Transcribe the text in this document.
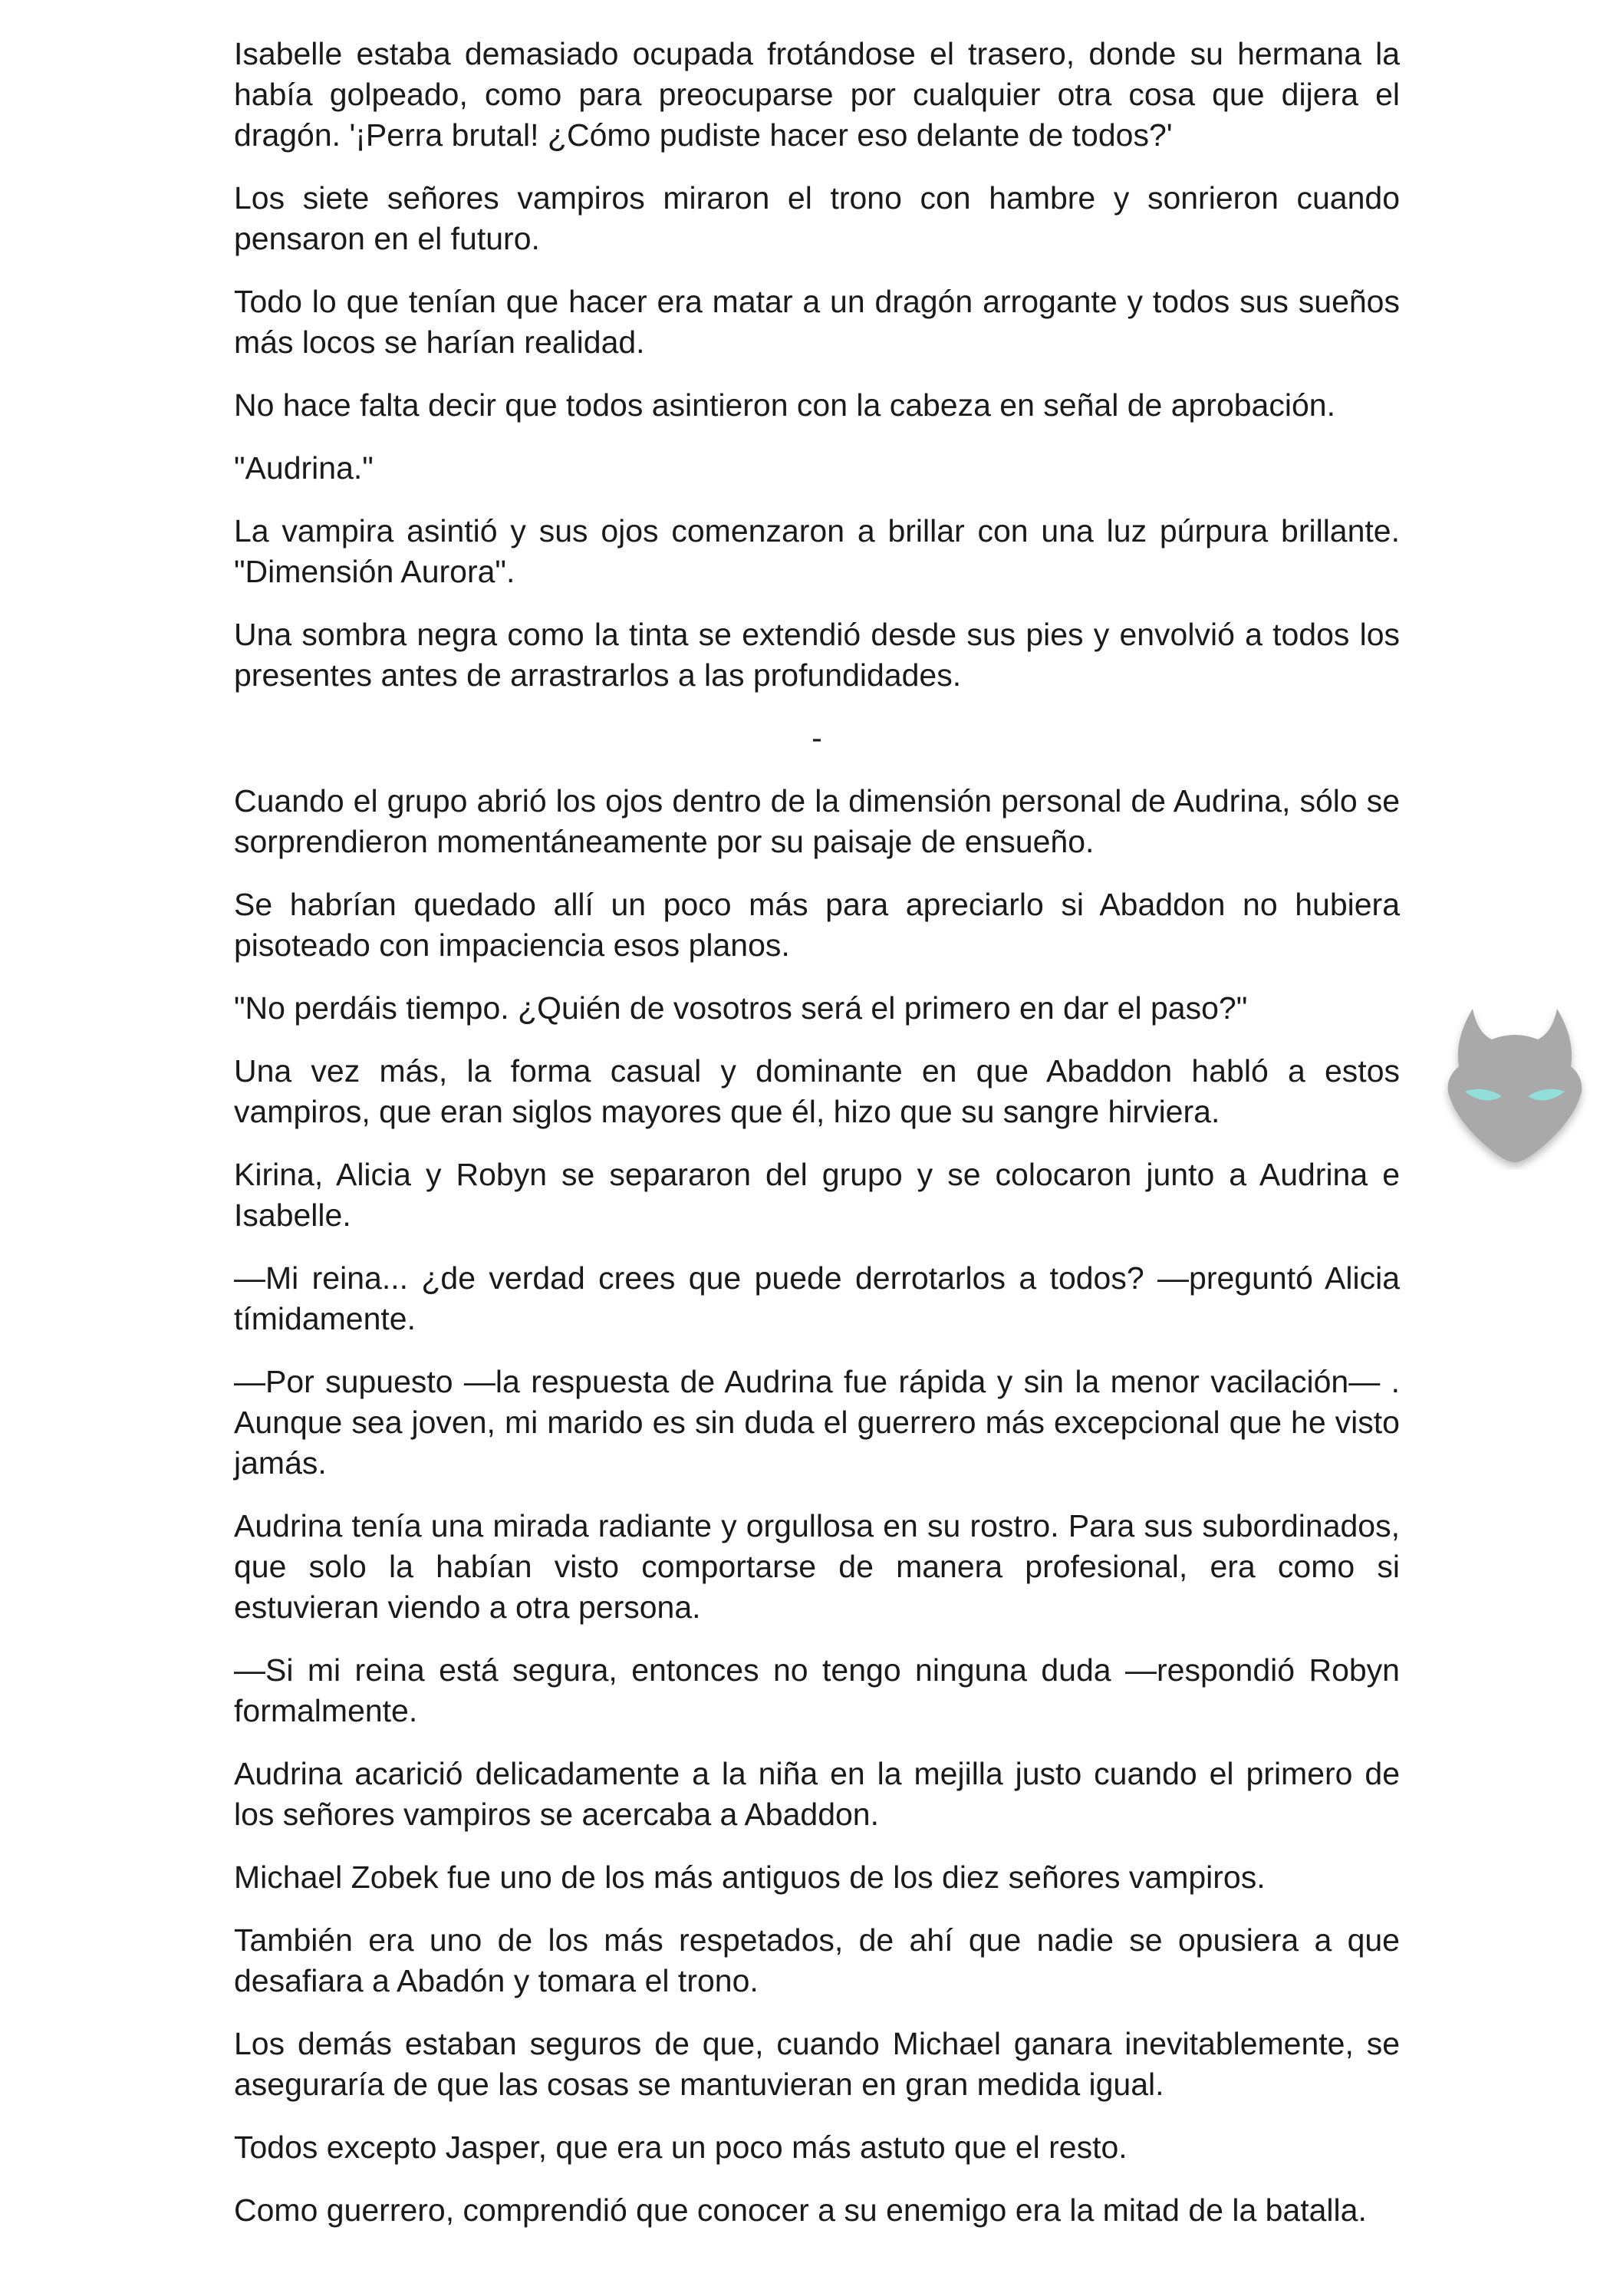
Isabelle estaba demasiado ocupada frotándose el trasero, donde su hermana la había golpeado, como para preocuparse por cualquier otra cosa que dijera el dragón. '¡Perra brutal! ¿Cómo pudiste hacer eso delante de todos?'

Los siete señores vampiros miraron el trono con hambre y sonrieron cuando pensaron en el futuro.

Todo lo que tenían que hacer era matar a un dragón arrogante y todos sus sueños más locos se harían realidad.

No hace falta decir que todos asintieron con la cabeza en señal de aprobación.

"Audrina."

La vampira asintió y sus ojos comenzaron a brillar con una luz púrpura brillante. "Dimensión Aurora".

Una sombra negra como la tinta se extendió desde sus pies y envolvió a todos los presentes antes de arrastrarlos a las profundidades.

-

Cuando el grupo abrió los ojos dentro de la dimensión personal de Audrina, sólo se sorprendieron momentáneamente por su paisaje de ensueño.

Se habrían quedado allí un poco más para apreciarlo si Abaddon no hubiera pisoteado con impaciencia esos planos.

"No perdáis tiempo. ¿Quién de vosotros será el primero en dar el paso?"

Una vez más, la forma casual y dominante en que Abaddon habló a estos vampiros, que eran siglos mayores que él, hizo que su sangre hirviera.

Kirina, Alicia y Robyn se separaron del grupo y se colocaron junto a Audrina e Isabelle.

—Mi reina... ¿de verdad crees que puede derrotarlos a todos? —preguntó Alicia tímidamente.

—Por supuesto —la respuesta de Audrina fue rápida y sin la menor vacilación— . Aunque sea joven, mi marido es sin duda el guerrero más excepcional que he visto jamás.

Audrina tenía una mirada radiante y orgullosa en su rostro. Para sus subordinados, que solo la habían visto comportarse de manera profesional, era como si estuvieran viendo a otra persona.

—Si mi reina está segura, entonces no tengo ninguna duda —respondió Robyn formalmente.

Audrina acarició delicadamente a la niña en la mejilla justo cuando el primero de los señores vampiros se acercaba a Abaddon.

Michael Zobek fue uno de los más antiguos de los diez señores vampiros.

También era uno de los más respetados, de ahí que nadie se opusiera a que desafiara a Abadón y tomara el trono.

Los demás estaban seguros de que, cuando Michael ganara inevitablemente, se aseguraría de que las cosas se mantuvieran en gran medida igual.

Todos excepto Jasper, que era un poco más astuto que el resto.

Como guerrero, comprendió que conocer a su enemigo era la mitad de la batalla.
